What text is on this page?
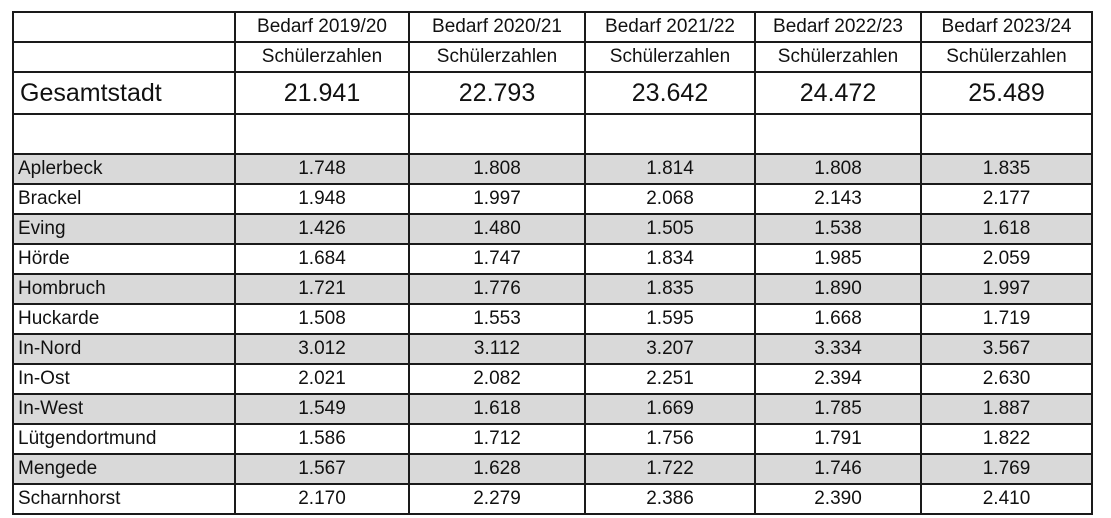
	Bedarf 2019/20	Bedarf 2020/21	Bedarf 2021/22	Bedarf 2022/23	Bedarf 2023/24
	Schülerzahlen	Schülerzahlen	Schülerzahlen	Schülerzahlen	Schülerzahlen
Gesamtstadt	21.941	22.793	23.642	24.472	25.489

Aplerbeck	1.748	1.808	1.814	1.808	1.835
Brackel	1.948	1.997	2.068	2.143	2.177
Eving	1.426	1.480	1.505	1.538	1.618
Hörde	1.684	1.747	1.834	1.985	2.059
Hombruch	1.721	1.776	1.835	1.890	1.997
Huckarde	1.508	1.553	1.595	1.668	1.719
In-Nord	3.012	3.112	3.207	3.334	3.567
In-Ost	2.021	2.082	2.251	2.394	2.630
In-West	1.549	1.618	1.669	1.785	1.887
Lütgendortmund	1.586	1.712	1.756	1.791	1.822
Mengede	1.567	1.628	1.722	1.746	1.769
Scharnhorst	2.170	2.279	2.386	2.390	2.410
